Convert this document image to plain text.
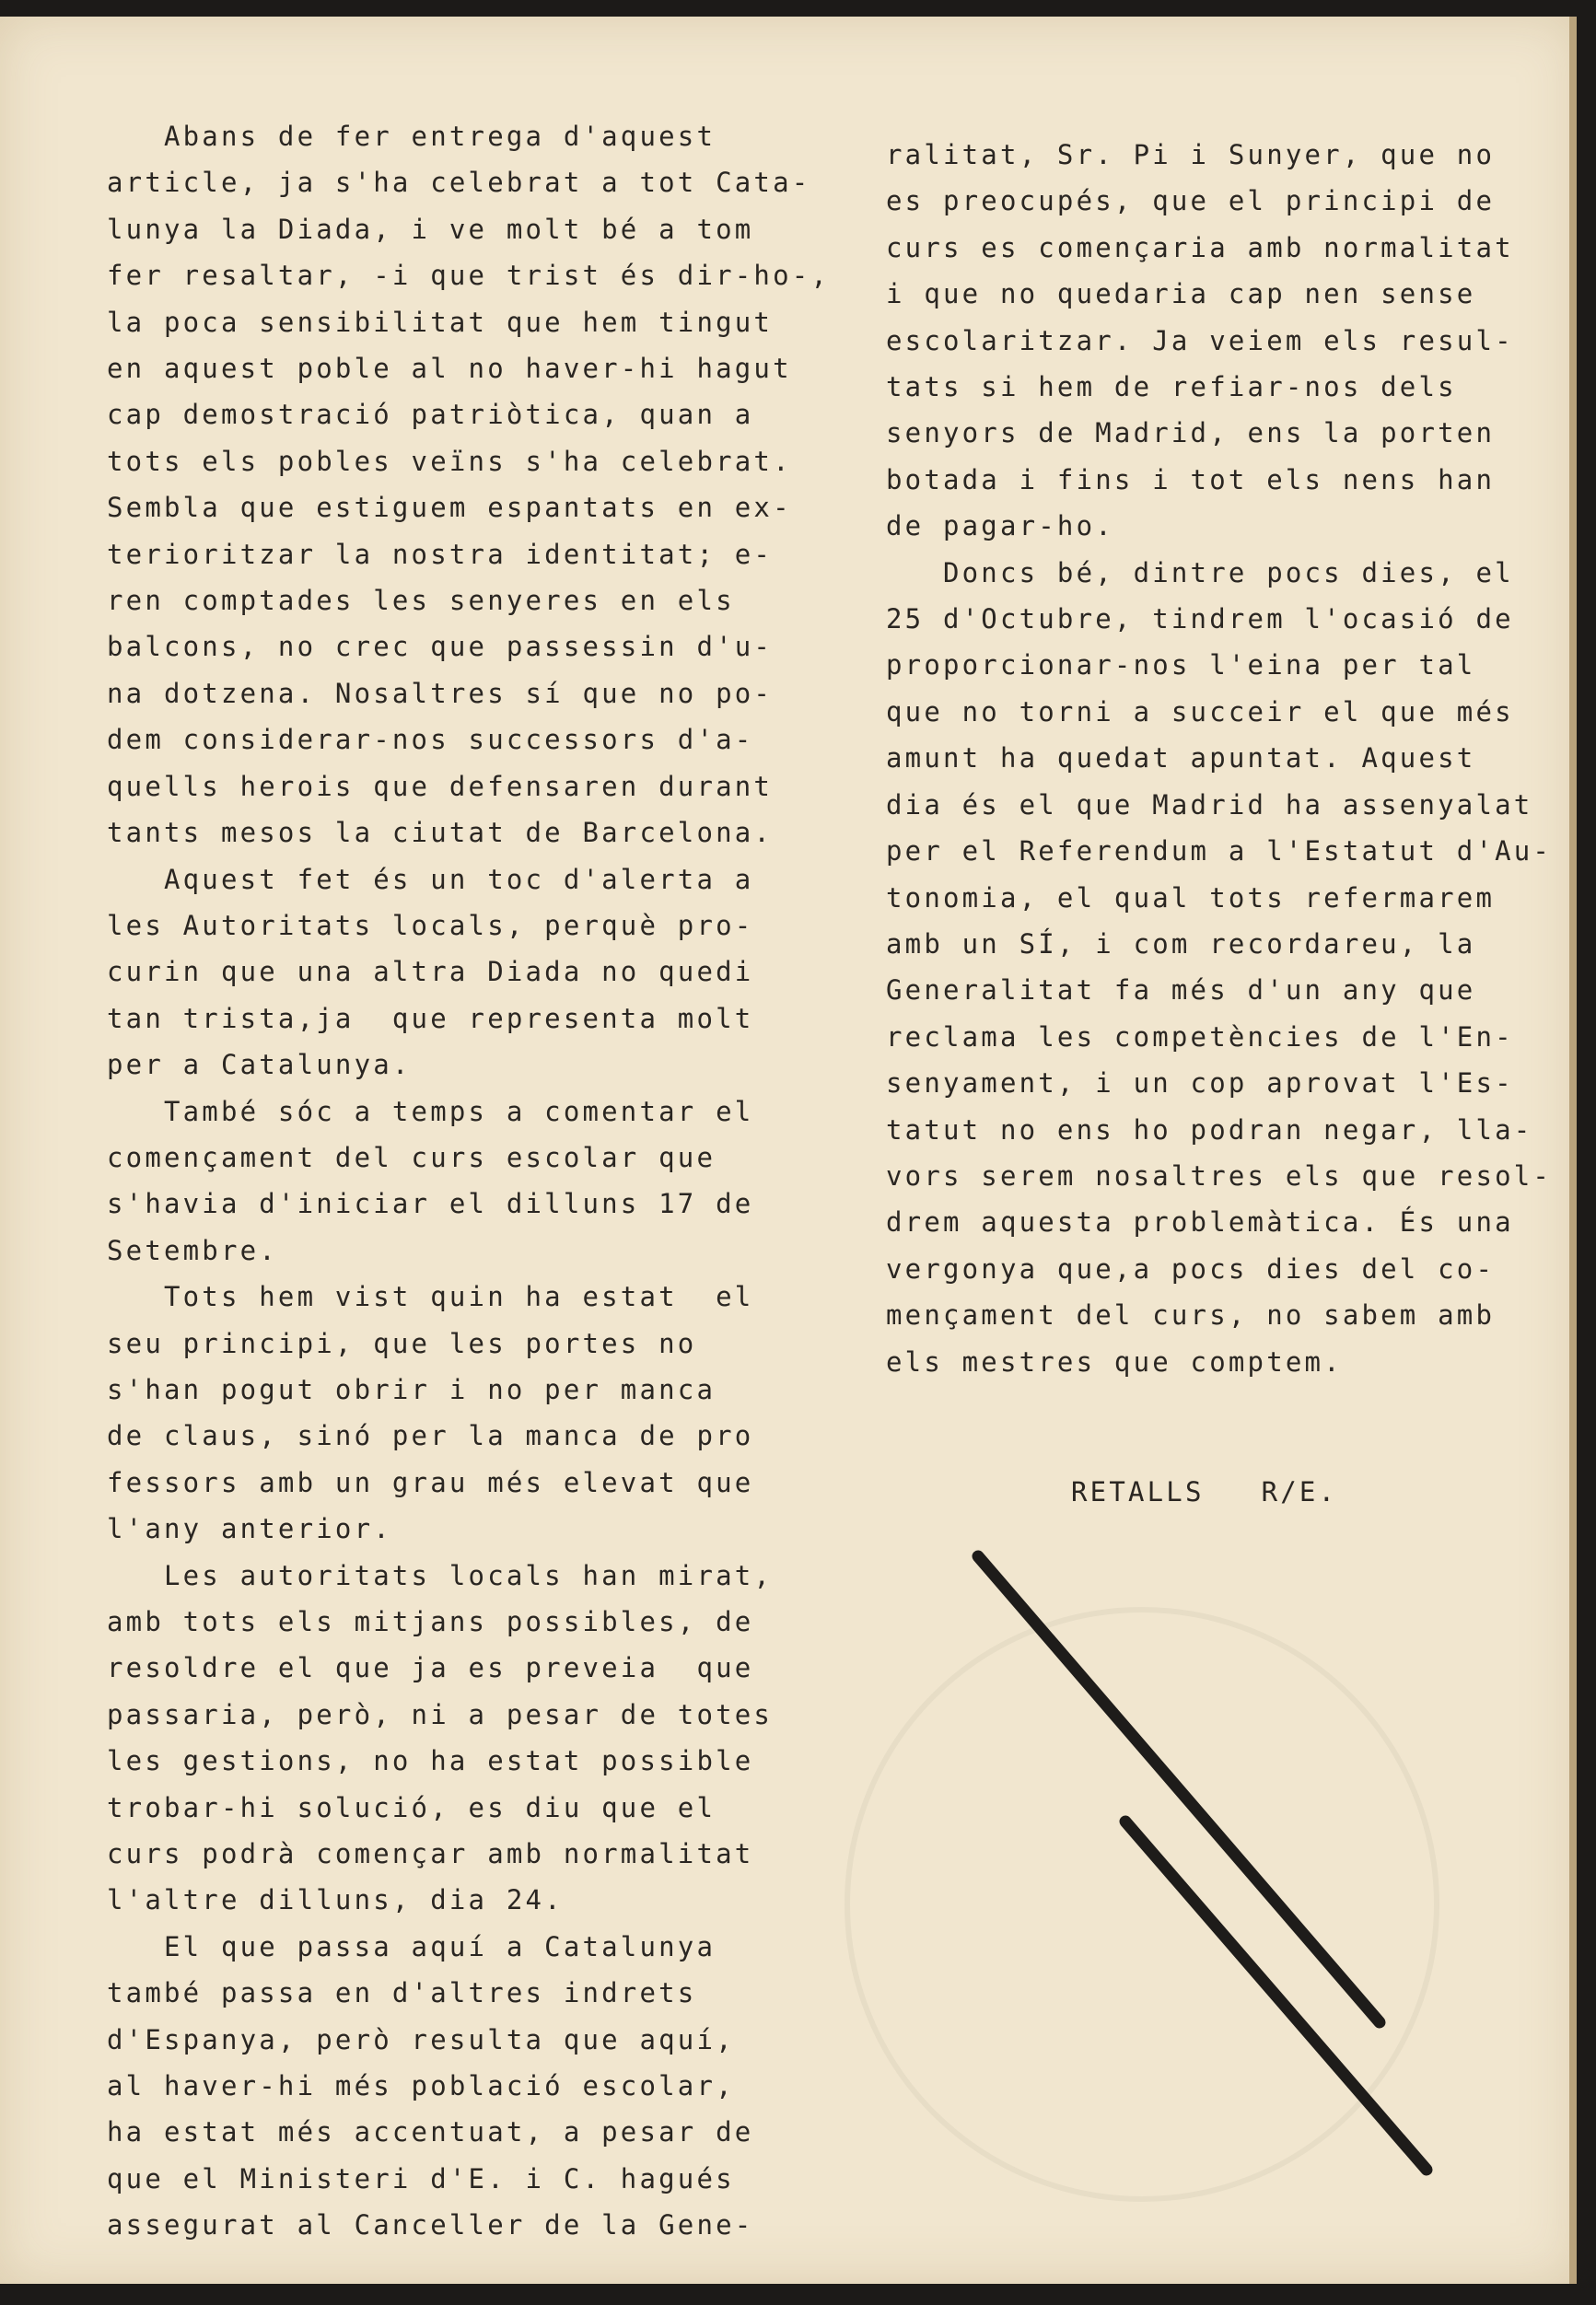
Abans de fer entrega d'aquest

article, ja s'ha celebrat a tot Cata-

lunya la Diada, i ve molt bé a tom

fer resaltar, -i que trist és dir-ho-,

la poca sensibilitat que hem tingut

en aquest poble al no haver-hi hagut

cap demostració patriòtica, quan a

tots els pobles veïns s'ha celebrat.

Sembla que estiguem espantats en ex-

terioritzar la nostra identitat; e-

ren comptades les senyeres en els

balcons, no crec que passessin d'u-

na dotzena. Nosaltres sí que no po-

dem considerar-nos successors d'a-

quells herois que defensaren durant

tants mesos la ciutat de Barcelona.

Aquest fet és un toc d'alerta a

les Autoritats locals, perquè pro-

curin que una altra Diada no quedi

tan trista,ja  que representa molt

per a Catalunya.

També sóc a temps a comentar el

començament del curs escolar que

s'havia d'iniciar el dilluns 17 de

Setembre.

Tots hem vist quin ha estat  el

seu principi, que les portes no

s'han pogut obrir i no per manca

de claus, sinó per la manca de pro

fessors amb un grau més elevat que

l'any anterior.

Les autoritats locals han mirat,

amb tots els mitjans possibles, de

resoldre el que ja es preveia  que

passaria, però, ni a pesar de totes

les gestions, no ha estat possible

trobar-hi solució, es diu que el

curs podrà començar amb normalitat

l'altre dilluns, dia 24.

El que passa aquí a Catalunya

també passa en d'altres indrets

d'Espanya, però resulta que aquí,

al haver-hi més població escolar,

ha estat més accentuat, a pesar de

que el Ministeri d'E. i C. hagués

assegurat al Canceller de la Gene-

ralitat, Sr. Pi i Sunyer, que no

es preocupés, que el principi de

curs es començaria amb normalitat

i que no quedaria cap nen sense

escolaritzar. Ja veiem els resul-

tats si hem de refiar-nos dels

senyors de Madrid, ens la porten

botada i fins i tot els nens han

de pagar-ho.

Doncs bé, dintre pocs dies, el

25 d'Octubre, tindrem l'ocasió de

proporcionar-nos l'eina per tal

que no torni a succeir el que més

amunt ha quedat apuntat. Aquest

dia és el que Madrid ha assenyalat

per el Referendum a l'Estatut d'Au-

tonomia, el qual tots refermarem

amb un SÍ, i com recordareu, la

Generalitat fa més d'un any que

reclama les competències de l'En-

senyament, i un cop aprovat l'Es-

tatut no ens ho podran negar, lla-

vors serem nosaltres els que resol-

drem aquesta problemàtica. És una

vergonya que,a pocs dies del co-

mençament del curs, no sabem amb

els mestres que comptem.

RETALLS   R/E.
